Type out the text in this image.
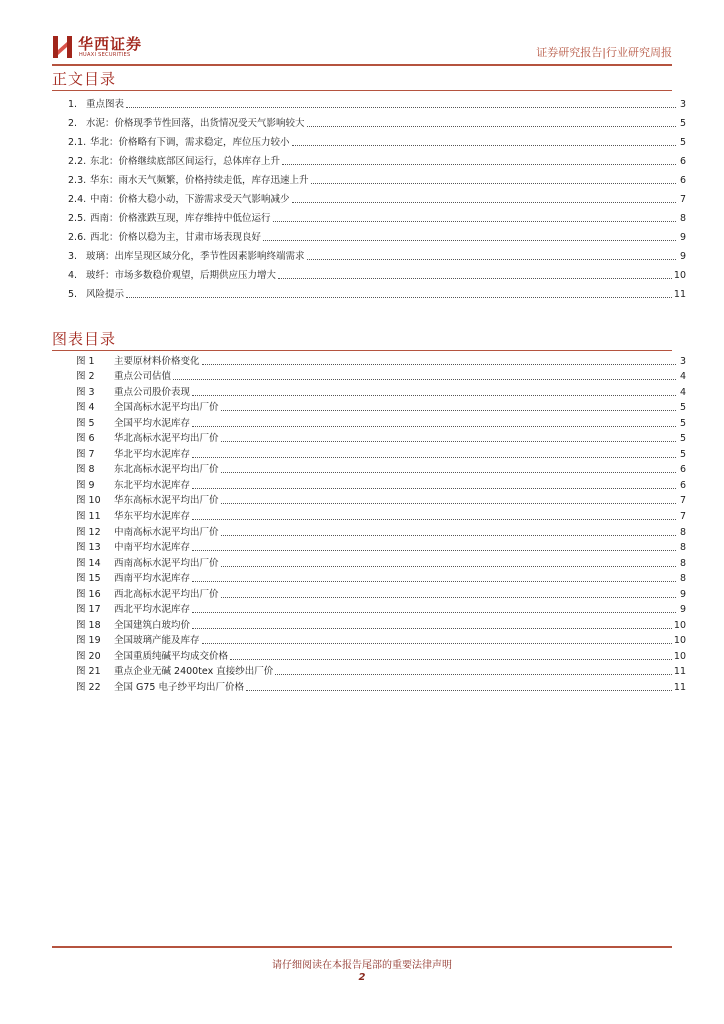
华西证券
HUAXI SECURITIES	证券研究报告|行业研究周报
正文目录
1. 重点图表	3
2. 水泥：价格现季节性回落，出货情况受天气影响较大	5
2.1. 华北：价格略有下调，需求稳定，库位压力较小	5
2.2. 东北：价格继续底部区间运行，总体库存上升	6
2.3. 华东：雨水天气频繁，价格持续走低，库存迅速上升	6
2.4. 中南：价格大稳小动，下游需求受天气影响减少	7
2.5. 西南：价格涨跌互现，库存维持中低位运行	8
2.6. 西北：价格以稳为主，甘肃市场表现良好	9
3. 玻璃：出库呈现区域分化，季节性因素影响终端需求	9
4. 玻纤：市场多数稳价观望，后期供应压力增大	10
5. 风险提示	11
图表目录
图 1 主要原材料价格变化	3
图 2 重点公司估值	4
图 3 重点公司股价表现	4
图 4 全国高标水泥平均出厂价	5
图 5 全国平均水泥库存	5
图 6 华北高标水泥平均出厂价	5
图 7 华北平均水泥库存	5
图 8 东北高标水泥平均出厂价	6
图 9 东北平均水泥库存	6
图 10 华东高标水泥平均出厂价	7
图 11 华东平均水泥库存	7
图 12 中南高标水泥平均出厂价	8
图 13 中南平均水泥库存	8
图 14 西南高标水泥平均出厂价	8
图 15 西南平均水泥库存	8
图 16 西北高标水泥平均出厂价	9
图 17 西北平均水泥库存	9
图 18 全国建筑白玻均价	10
图 19 全国玻璃产能及库存	10
图 20 全国重质纯碱平均成交价格	10
图 21 重点企业无碱 2400tex 直接纱出厂价	11
图 22 全国 G75 电子纱平均出厂价格	11
请仔细阅读在本报告尾部的重要法律声明
2
